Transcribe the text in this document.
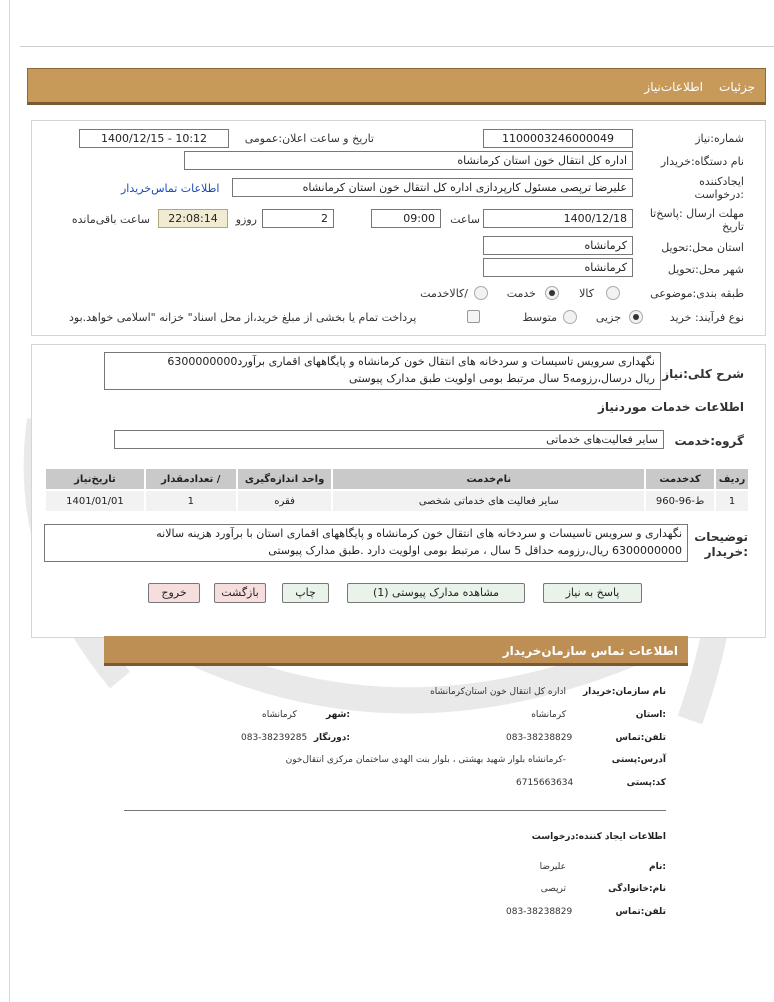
جزئیات
اطلاعات‌نیاز
شماره:نیاز
1100003246000049
تاریخ و ساعت اعلان:عمومی
1400/12/15 - 10:12
نام دستگاه:خریدار
اداره کل انتقال خون استان کرمانشاه
ایجادکننده
:درخواست
علیرضا ترپصی مسئول کارپردازی اداره کل انتقال خون استان کرمانشاه
اطلاعات تماس‌خریدار
مهلت ارسال :پاسخ‌تا
تاریخ
1400/12/18
ساعت
09:00
2
روزو
22:08:14
ساعت باقی‌مانده
استان محل:تحویل
کرمانشاه
شهر محل:تحویل
کرمانشاه
طبقه بندی:موضوعی
کالا
خدمت
/کالاخدمت
نوع فرآیند: خرید
جزیی
متوسط
پرداخت تمام یا بخشی از مبلغ خرید،از محل اسناد" خزانه "اسلامی خواهد.بود
شرح کلی:نیاز
نگهداری سرویس تاسیسات و سردخانه های انتقال خون کرمانشاه و پایگاههای اقماری برآورد6300000000
ریال درسال،رزومه5 سال مرتبط بومی اولویت طبق مدارک پیوستی
اطلاعات خدمات موردنیاز
گروه:خدمت
سایر فعالیت‌های خدماتی
ردیف	کدخدمت	نام‌خدمت	واحد اندازه‌گیری	/ تعدادمقدار	تاریخ‌نیاز
1	ط-96-960	سایر فعالیت های خدماتی شخصی	فقره	1	1401/01/01
توضیحات
:خریدار
نگهداری و سرویس تاسیسات و سردخانه های انتقال خون کرمانشاه و پایگاههای اقماری استان با برآورد هزینه سالانه
6300000000 ریال،رزومه حداقل 5 سال ، مرتبط بومی اولویت دارد .طبق مدارک پیوستی
پاسخ به نیاز
مشاهده مدارک پیوستی (1)
چاپ
بازگشت
خروج
اطلاعات تماس سازمان‌خریدار
نام سازمان:خریدار
اداره کل انتقال خون استان‌کرمانشاه
:استان
کرمانشاه
:شهر
کرمانشاه
تلفن:تماس
083-38238829
:دورنگار
083-38239285
آدرس:پستی
-کرمانشاه بلوار شهید بهشتی ، بلوار بنت الهدی ساختمان مرکزی انتقال‌خون
کد:پستی
6715663634
اطلاعات ایجاد کننده:درخواست
:نام
علیرضا
نام:خانوادگی
ترپصی
تلفن:تماس
083-38238829
